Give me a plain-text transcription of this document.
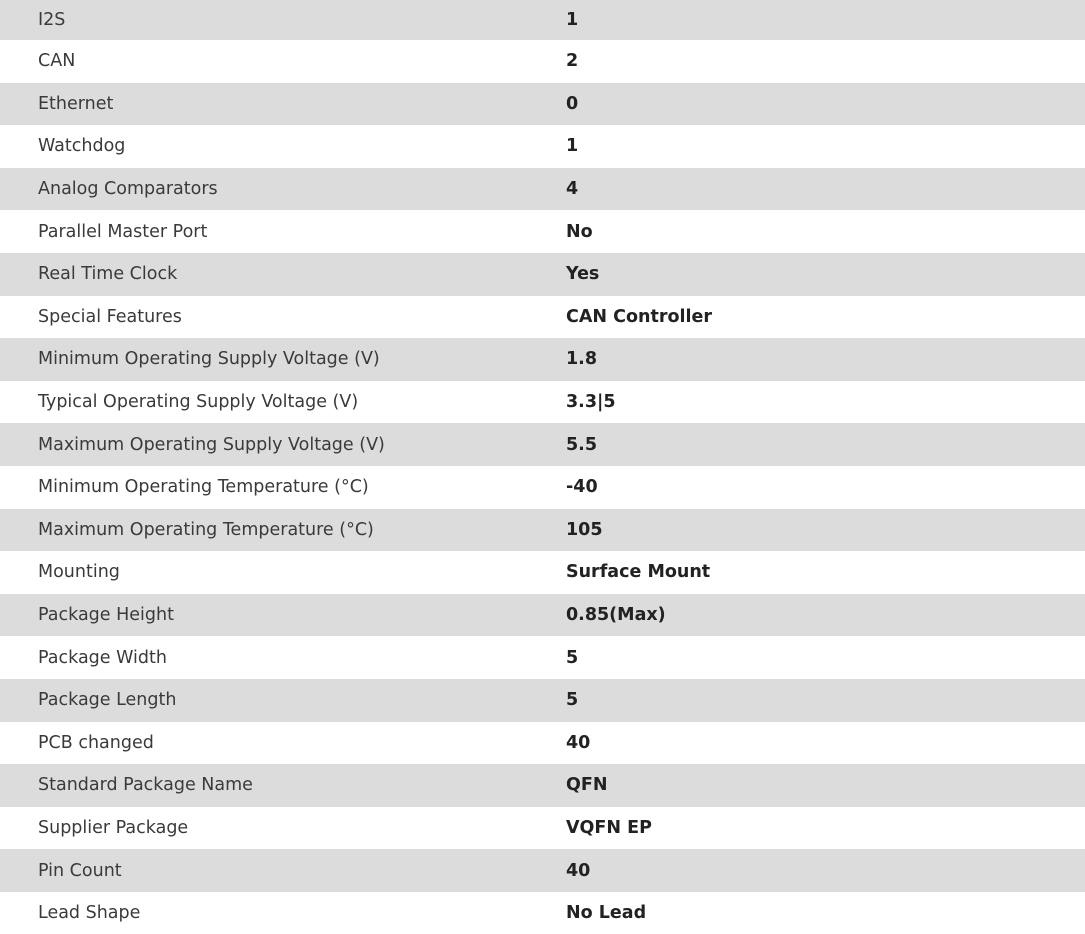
I2S	1
CAN	2
Ethernet	0
Watchdog	1
Analog Comparators	4
Parallel Master Port	No
Real Time Clock	Yes
Special Features	CAN Controller
Minimum Operating Supply Voltage (V)	1.8
Typical Operating Supply Voltage (V)	3.3|5
Maximum Operating Supply Voltage (V)	5.5
Minimum Operating Temperature (°C)	-40
Maximum Operating Temperature (°C)	105
Mounting	Surface Mount
Package Height	0.85(Max)
Package Width	5
Package Length	5
PCB changed	40
Standard Package Name	QFN
Supplier Package	VQFN EP
Pin Count	40
Lead Shape	No Lead
